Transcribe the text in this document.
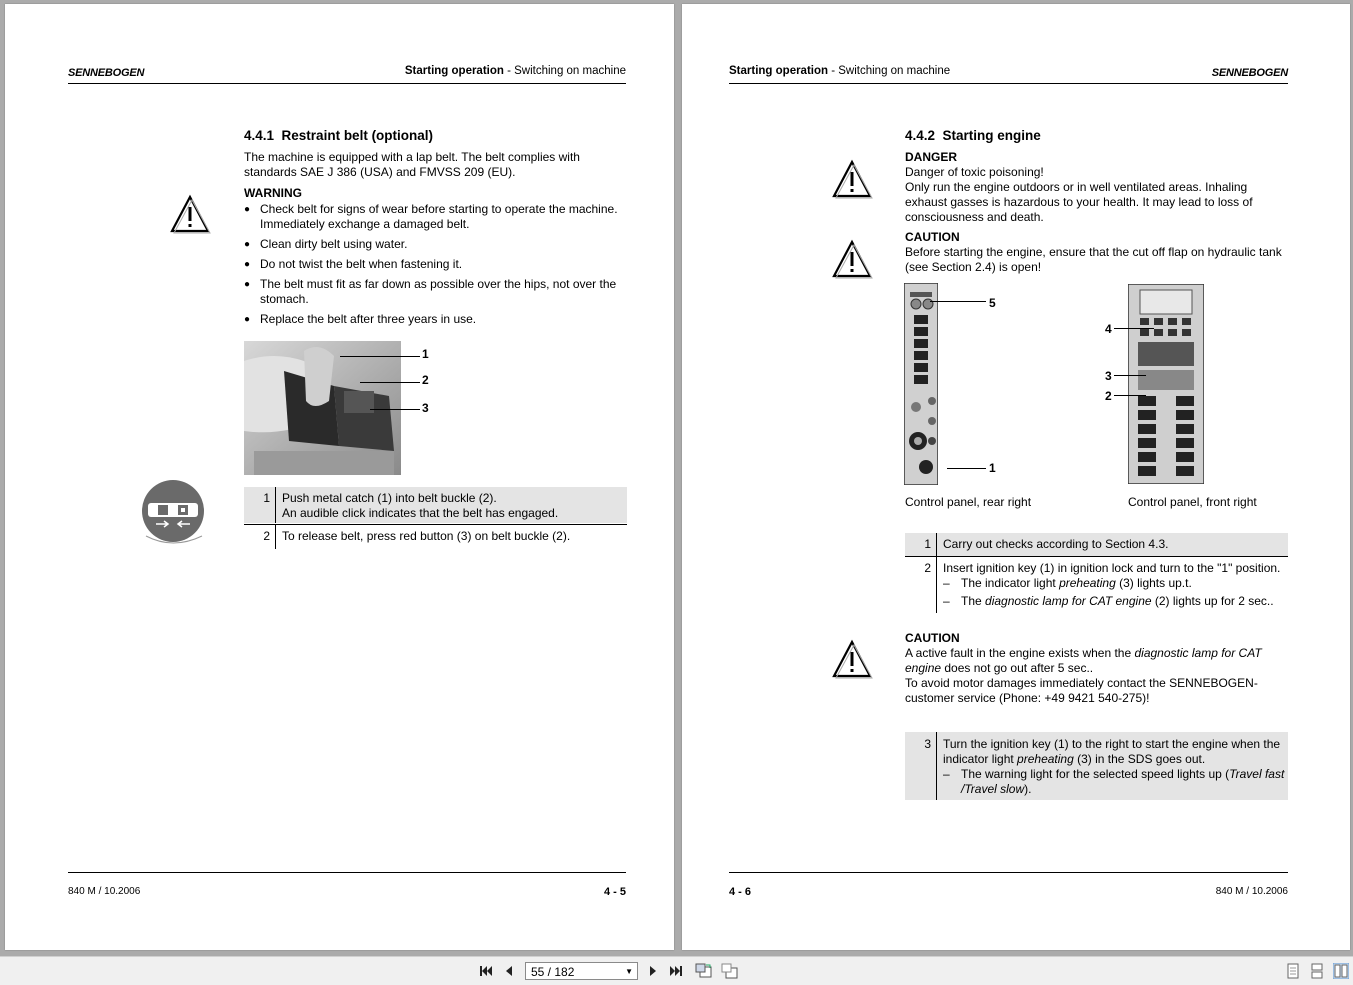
SENNEBOGEN	Starting operation - Switching on machine
4.4.1 Restraint belt (optional)
The machine is equipped with a lap belt. The belt complies with standards SAE J 386 (USA) and FMVSS 209 (EU).
WARNING
● Check belt for signs of wear before starting to operate the machine. Immediately exchange a damaged belt.
● Clean dirty belt using water.
● Do not twist the belt when fastening it.
● The belt must fit as far down as possible over the hips, not over the stomach.
● Replace the belt after three years in use.
1
2
3
1 Push metal catch (1) into belt buckle (2).
An audible click indicates that the belt has engaged.
2 To release belt, press red button (3) on belt buckle (2).
840 M / 10.2006	4 - 5
Starting operation - Switching on machine	SENNEBOGEN
4.4.2 Starting engine
DANGER
Danger of toxic poisoning!
Only run the engine outdoors or in well ventilated areas. Inhaling exhaust gasses is hazardous to your health. It may lead to loss of consciousness and death.
CAUTION
Before starting the engine, ensure that the cut off flap on hydraulic tank (see Section 2.4) is open!
5
1
Control panel, rear right
4
3
2
Control panel, front right
1 Carry out checks according to Section 4.3.
2 Insert ignition key (1) in ignition lock and turn to the "1" position.
– The indicator light preheating (3) lights up.t.
– The diagnostic lamp for CAT engine (2) lights up for 2 sec..
CAUTION
A active fault in the engine exists when the diagnostic lamp for CAT engine does not go out after 5 sec..
To avoid motor damages immediately contact the SENNEBOGEN-customer service (Phone: +49 9421 540-275)!
3 Turn the ignition key (1) to the right to start the engine when the indicator light preheating (3) in the SDS goes out.
– The warning light for the selected speed lights up (Travel fast /Travel slow).
4 - 6	840 M / 10.2006
55 / 182	▼
